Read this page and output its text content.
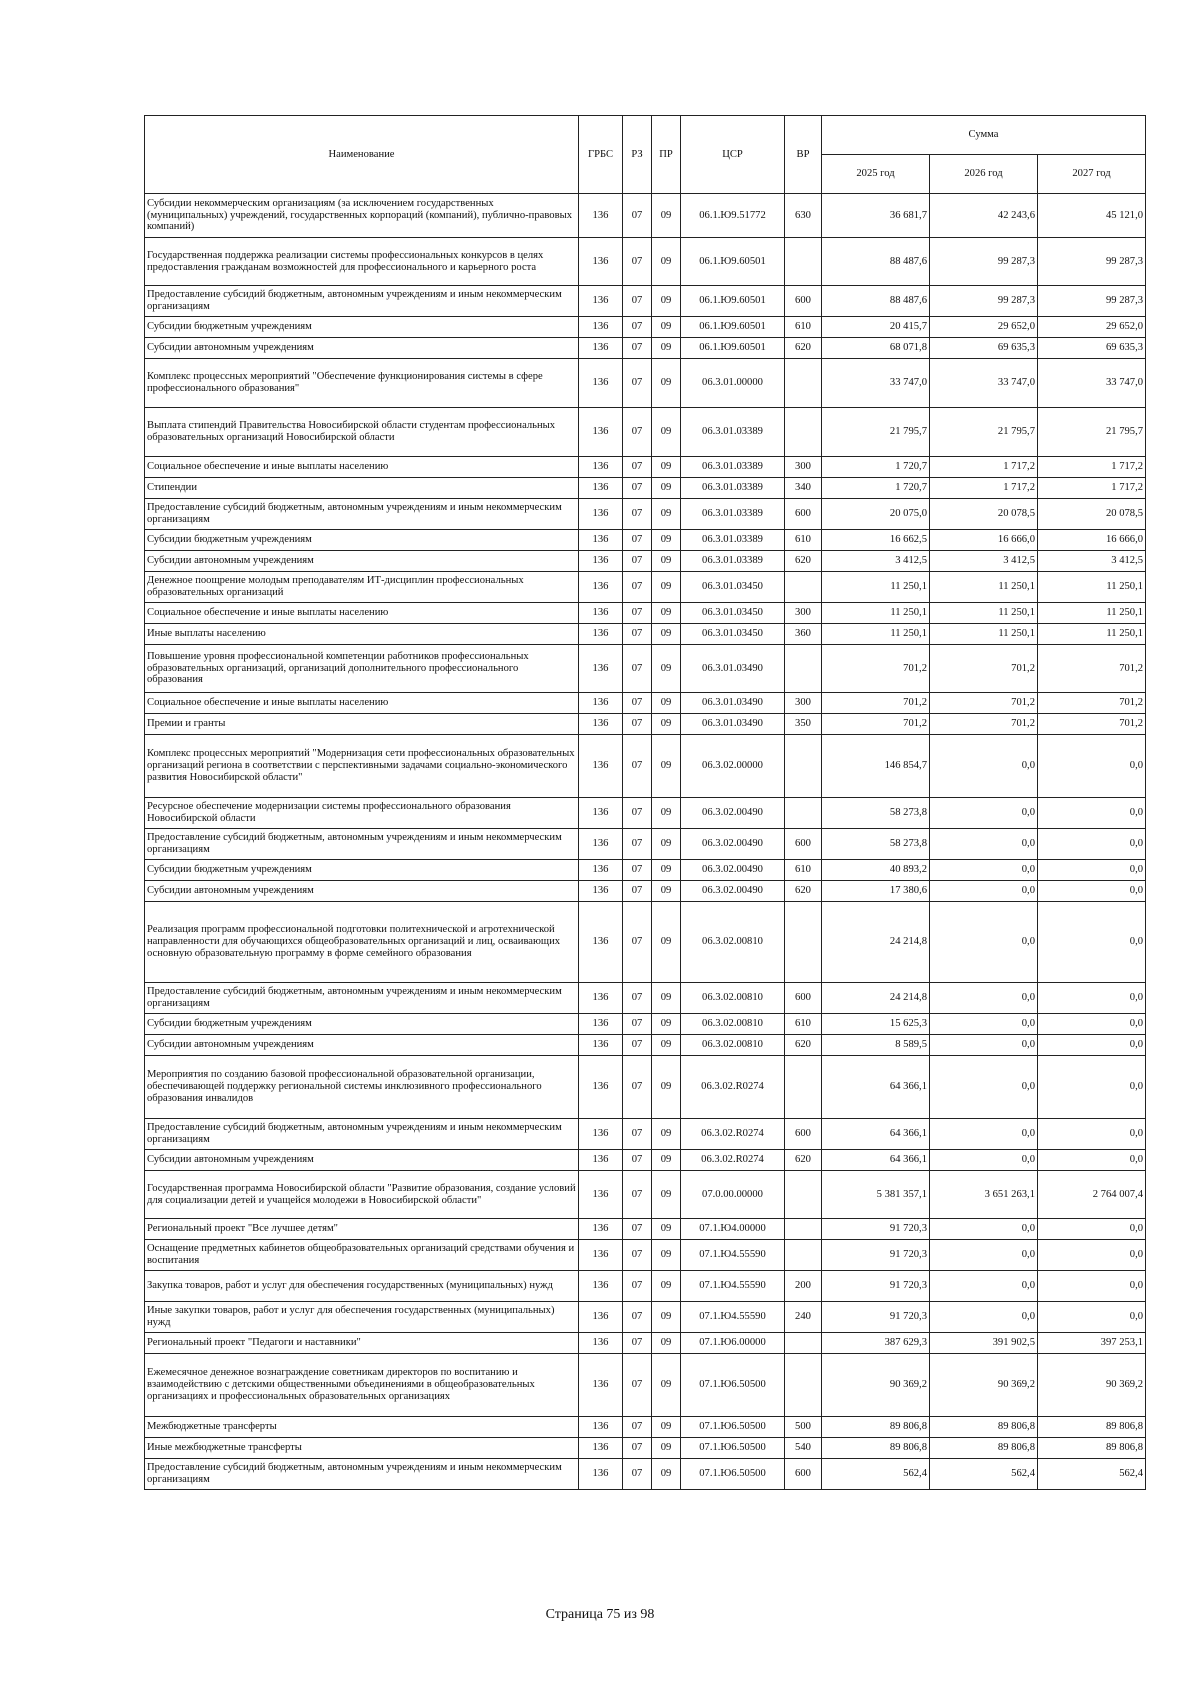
Наименование	ГРБС	РЗ	ПР	ЦСР	ВР	Сумма		
						2025 год	2026 год	2027 год
Субсидии некоммерческим организациям (за исключением государственных (муниципальных) учреждений, государственных корпораций (компаний), публично-правовых компаний)	136	07	09	06.1.Ю9.51772	630	36 681,7	42 243,6	45 121,0
Государственная поддержка реализации системы профессиональных конкурсов в целях предоставления гражданам возможностей для профессионального и карьерного роста	136	07	09	06.1.Ю9.60501		88 487,6	99 287,3	99 287,3
Предоставление субсидий бюджетным, автономным учреждениям и иным некоммерческим организациям	136	07	09	06.1.Ю9.60501	600	88 487,6	99 287,3	99 287,3
Субсидии бюджетным учреждениям	136	07	09	06.1.Ю9.60501	610	20 415,7	29 652,0	29 652,0
Субсидии автономным учреждениям	136	07	09	06.1.Ю9.60501	620	68 071,8	69 635,3	69 635,3
Комплекс процессных мероприятий "Обеспечение функционирования системы в сфере профессионального образования"	136	07	09	06.3.01.00000		33 747,0	33 747,0	33 747,0
Выплата стипендий Правительства Новосибирской области студентам профессиональных образовательных организаций Новосибирской области	136	07	09	06.3.01.03389		21 795,7	21 795,7	21 795,7
Социальное обеспечение и иные выплаты населению	136	07	09	06.3.01.03389	300	1 720,7	1 717,2	1 717,2
Стипендии	136	07	09	06.3.01.03389	340	1 720,7	1 717,2	1 717,2
Предоставление субсидий бюджетным, автономным учреждениям и иным некоммерческим организациям	136	07	09	06.3.01.03389	600	20 075,0	20 078,5	20 078,5
Субсидии бюджетным учреждениям	136	07	09	06.3.01.03389	610	16 662,5	16 666,0	16 666,0
Субсидии автономным учреждениям	136	07	09	06.3.01.03389	620	3 412,5	3 412,5	3 412,5
Денежное поощрение молодым преподавателям ИТ-дисциплин профессиональных образовательных организаций	136	07	09	06.3.01.03450		11 250,1	11 250,1	11 250,1
Социальное обеспечение и иные выплаты населению	136	07	09	06.3.01.03450	300	11 250,1	11 250,1	11 250,1
Иные выплаты населению	136	07	09	06.3.01.03450	360	11 250,1	11 250,1	11 250,1
Повышение уровня профессиональной компетенции работников профессиональных образовательных организаций, организаций дополнительного профессионального образования	136	07	09	06.3.01.03490		701,2	701,2	701,2
Социальное обеспечение и иные выплаты населению	136	07	09	06.3.01.03490	300	701,2	701,2	701,2
Премии и гранты	136	07	09	06.3.01.03490	350	701,2	701,2	701,2
Комплекс процессных мероприятий "Модернизация сети профессиональных образовательных организаций региона в соответствии с перспективными задачами социально-экономического развития Новосибирской области"	136	07	09	06.3.02.00000		146 854,7	0,0	0,0
Ресурсное обеспечение модернизации системы профессионального образования Новосибирской области	136	07	09	06.3.02.00490		58 273,8	0,0	0,0
Предоставление субсидий бюджетным, автономным учреждениям и иным некоммерческим организациям	136	07	09	06.3.02.00490	600	58 273,8	0,0	0,0
Субсидии бюджетным учреждениям	136	07	09	06.3.02.00490	610	40 893,2	0,0	0,0
Субсидии автономным учреждениям	136	07	09	06.3.02.00490	620	17 380,6	0,0	0,0
Реализация программ профессиональной подготовки политехнической и агротехнической направленности для обучающихся общеобразовательных организаций и лиц, осваивающих основную образовательную программу в форме семейного образования	136	07	09	06.3.02.00810		24 214,8	0,0	0,0
Предоставление субсидий бюджетным, автономным учреждениям и иным некоммерческим организациям	136	07	09	06.3.02.00810	600	24 214,8	0,0	0,0
Субсидии бюджетным учреждениям	136	07	09	06.3.02.00810	610	15 625,3	0,0	0,0
Субсидии автономным учреждениям	136	07	09	06.3.02.00810	620	8 589,5	0,0	0,0
Мероприятия по созданию базовой профессиональной образовательной организации, обеспечивающей поддержку региональной системы инклюзивного профессионального образования инвалидов	136	07	09	06.3.02.R0274		64 366,1	0,0	0,0
Предоставление субсидий бюджетным, автономным учреждениям и иным некоммерческим организациям	136	07	09	06.3.02.R0274	600	64 366,1	0,0	0,0
Субсидии автономным учреждениям	136	07	09	06.3.02.R0274	620	64 366,1	0,0	0,0
Государственная программа Новосибирской области "Развитие образования, создание условий для социализации детей и учащейся молодежи в Новосибирской области"	136	07	09	07.0.00.00000		5 381 357,1	3 651 263,1	2 764 007,4
Региональный проект "Все лучшее детям"	136	07	09	07.1.Ю4.00000		91 720,3	0,0	0,0
Оснащение предметных кабинетов общеобразовательных организаций средствами обучения и воспитания	136	07	09	07.1.Ю4.55590		91 720,3	0,0	0,0
Закупка товаров, работ и услуг для обеспечения государственных (муниципальных) нужд	136	07	09	07.1.Ю4.55590	200	91 720,3	0,0	0,0
Иные закупки товаров, работ и услуг для обеспечения государственных (муниципальных) нужд	136	07	09	07.1.Ю4.55590	240	91 720,3	0,0	0,0
Региональный проект "Педагоги и наставники"	136	07	09	07.1.Ю6.00000		387 629,3	391 902,5	397 253,1
Ежемесячное денежное вознаграждение советникам директоров по воспитанию и взаимодействию с детскими общественными объединениями в общеобразовательных организациях и профессиональных образовательных организациях	136	07	09	07.1.Ю6.50500		90 369,2	90 369,2	90 369,2
Межбюджетные трансферты	136	07	09	07.1.Ю6.50500	500	89 806,8	89 806,8	89 806,8
Иные межбюджетные трансферты	136	07	09	07.1.Ю6.50500	540	89 806,8	89 806,8	89 806,8
Предоставление субсидий бюджетным, автономным учреждениям и иным некоммерческим организациям	136	07	09	07.1.Ю6.50500	600	562,4	562,4	562,4
Страница 75 из 98
